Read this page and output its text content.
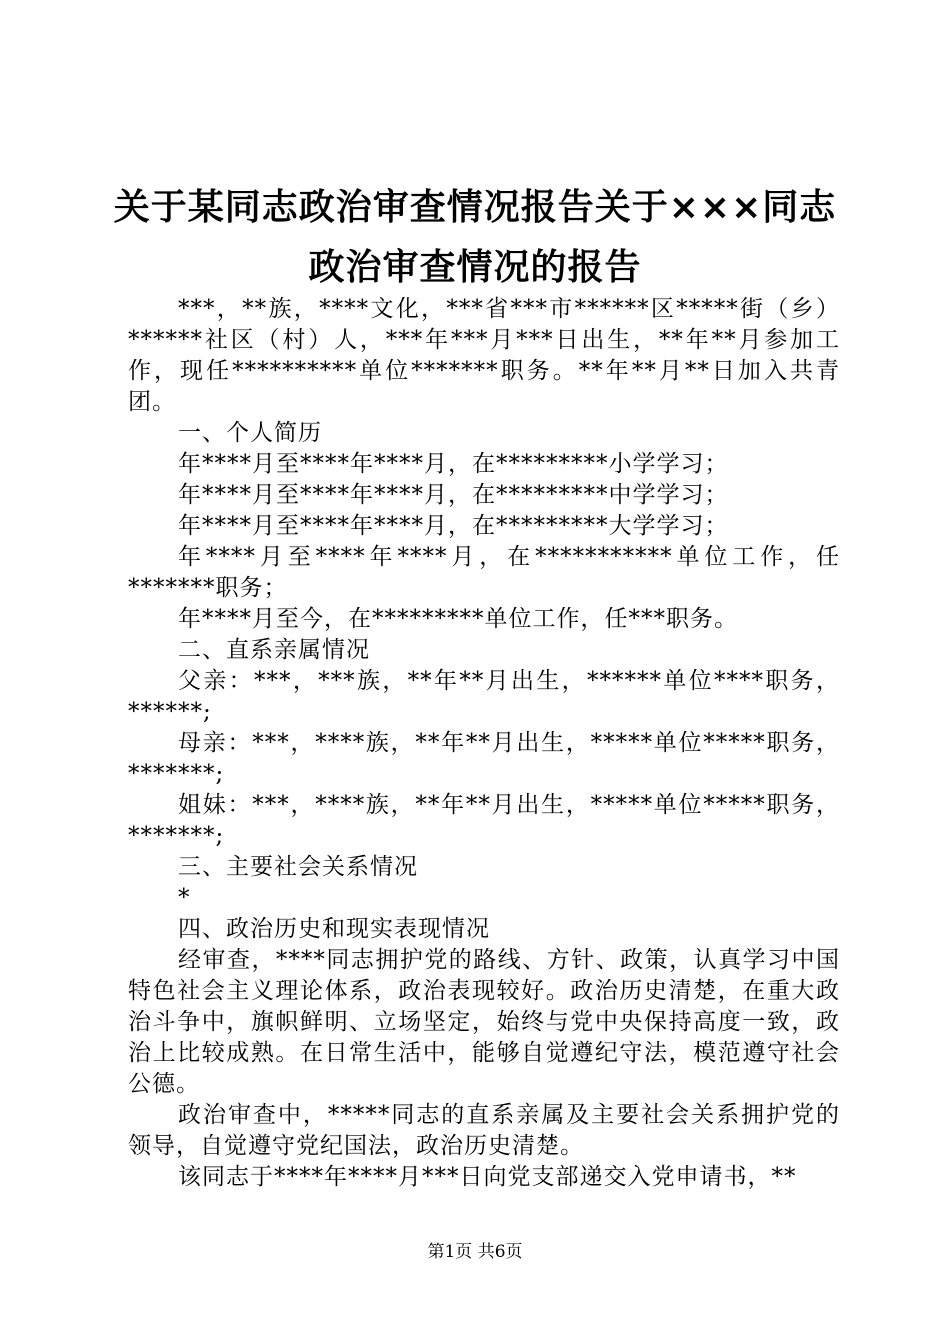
关于某同志政治审查情况报告关于×××同志
政治审查情况的报告

***，**族，****文化，***省***市******区*****街（乡）******社区（村）人，***年***月***日出生，**年**月参加工作，现任**********单位*******职务。**年**月**日加入共青团。

一、个人简历

年****月至****年****月，在*********小学学习；

年****月至****年****月，在*********中学学习；

年****月至****年****月，在*********大学学习；

年****月至****年****月，在***********单位工作，任*******职务；

年****月至今，在*********单位工作，任***职务。

二、直系亲属情况

父亲：***，***族，**年**月出生，******单位****职务，******;

母亲：***，****族，**年**月出生，*****单位*****职务，*******;

姐妹：***，****族，**年**月出生，*****单位*****职务，*******;

三、主要社会关系情况

*

四、政治历史和现实表现情况

经审查，****同志拥护党的路线、方针、政策，认真学习中国特色社会主义理论体系，政治表现较好。政治历史清楚，在重大政治斗争中，旗帜鲜明、立场坚定，始终与党中央保持高度一致，政治上比较成熟。在日常生活中，能够自觉遵纪守法，模范遵守社会公德。

政治审查中，*****同志的直系亲属及主要社会关系拥护党的领导，自觉遵守党纪国法，政治历史清楚。

该同志于****年****月***日向党支部递交入党申请书，**

第1页 共6页
